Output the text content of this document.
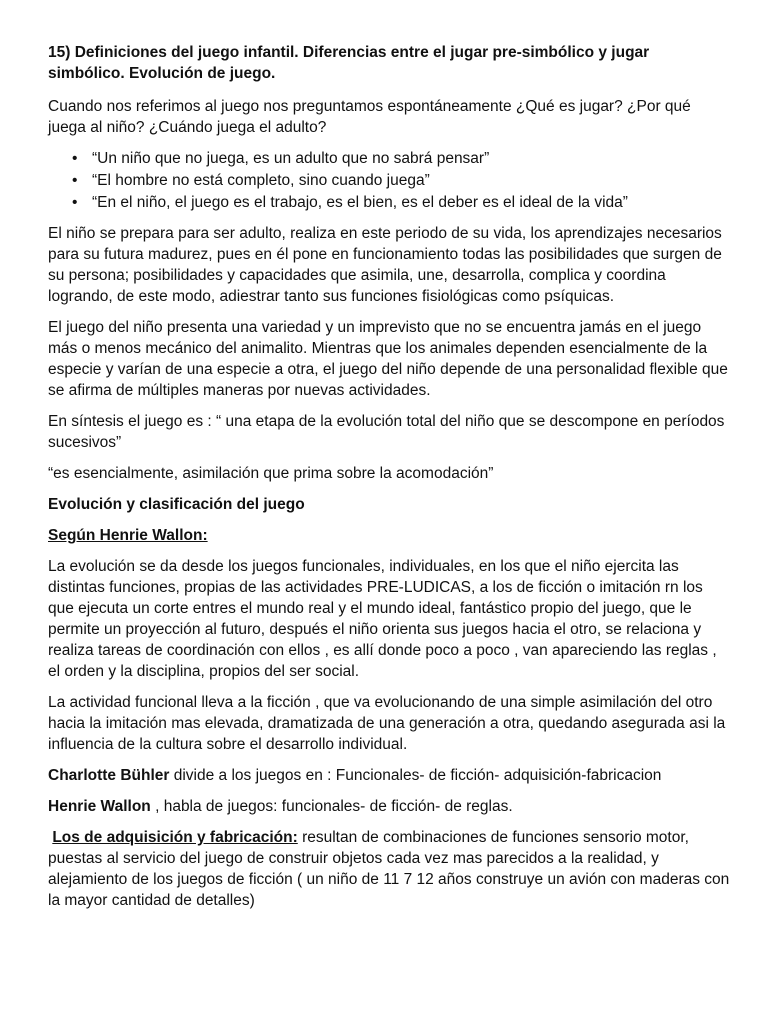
15) Definiciones del juego infantil. Diferencias entre el jugar pre-simbólico y jugar simbólico. Evolución de juego.

Cuando nos referimos al juego nos preguntamos espontáneamente ¿Qué es jugar? ¿Por qué juega al niño? ¿Cuándo juega el adulto?

• “Un niño que no juega, es un adulto que no sabrá pensar”
• “El hombre no está completo, sino cuando juega”
• “En el niño, el juego es el trabajo, es el bien, es el deber es el ideal de la vida”

El niño se prepara para ser adulto, realiza en este periodo de su vida, los aprendizajes necesarios para su futura madurez, pues en él pone en funcionamiento todas las posibilidades que surgen de su persona; posibilidades y capacidades que asimila, une, desarrolla, complica y coordina logrando, de este modo, adiestrar tanto sus funciones fisiológicas como psíquicas.

El juego del niño presenta una variedad y un imprevisto que no se encuentra jamás en el juego más o menos mecánico del animalito. Mientras que los animales dependen esencialmente de la especie y varían de una especie a otra, el juego del niño depende de una personalidad flexible que se afirma de múltiples maneras por nuevas actividades.

En síntesis el juego es : “ una etapa de la evolución total del niño que se descompone en períodos sucesivos”

“es esencialmente, asimilación que prima sobre la acomodación”

Evolución y clasificación del juego

Según Henrie Wallon:

La evolución se da desde los juegos funcionales, individuales, en los que el niño ejercita las distintas funciones, propias de las actividades PRE-LUDICAS, a los de ficción o imitación rn los que ejecuta un corte entres el mundo real y el mundo ideal, fantástico propio del juego, que le permite un proyección al futuro, después el niño orienta sus juegos hacia el otro, se relaciona y realiza tareas de coordinación con ellos , es allí donde poco a poco , van apareciendo las reglas , el orden y la disciplina, propios del ser social.

La actividad funcional lleva a la ficción , que va evolucionando de una simple asimilación del otro hacia la imitación mas elevada, dramatizada de una generación a otra, quedando asegurada asi la influencia de la cultura sobre el desarrollo individual.

Charlotte Bühler divide a los juegos en : Funcionales- de ficción- adquisición-fabricacion

Henrie Wallon , habla de juegos: funcionales- de ficción- de reglas.

Los de adquisición y fabricación: resultan de combinaciones de funciones sensorio motor, puestas al servicio del juego de construir objetos cada vez mas parecidos a la realidad, y alejamiento de los juegos de ficción ( un niño de 11 7 12 años construye un avión con maderas con la mayor cantidad de detalles)
